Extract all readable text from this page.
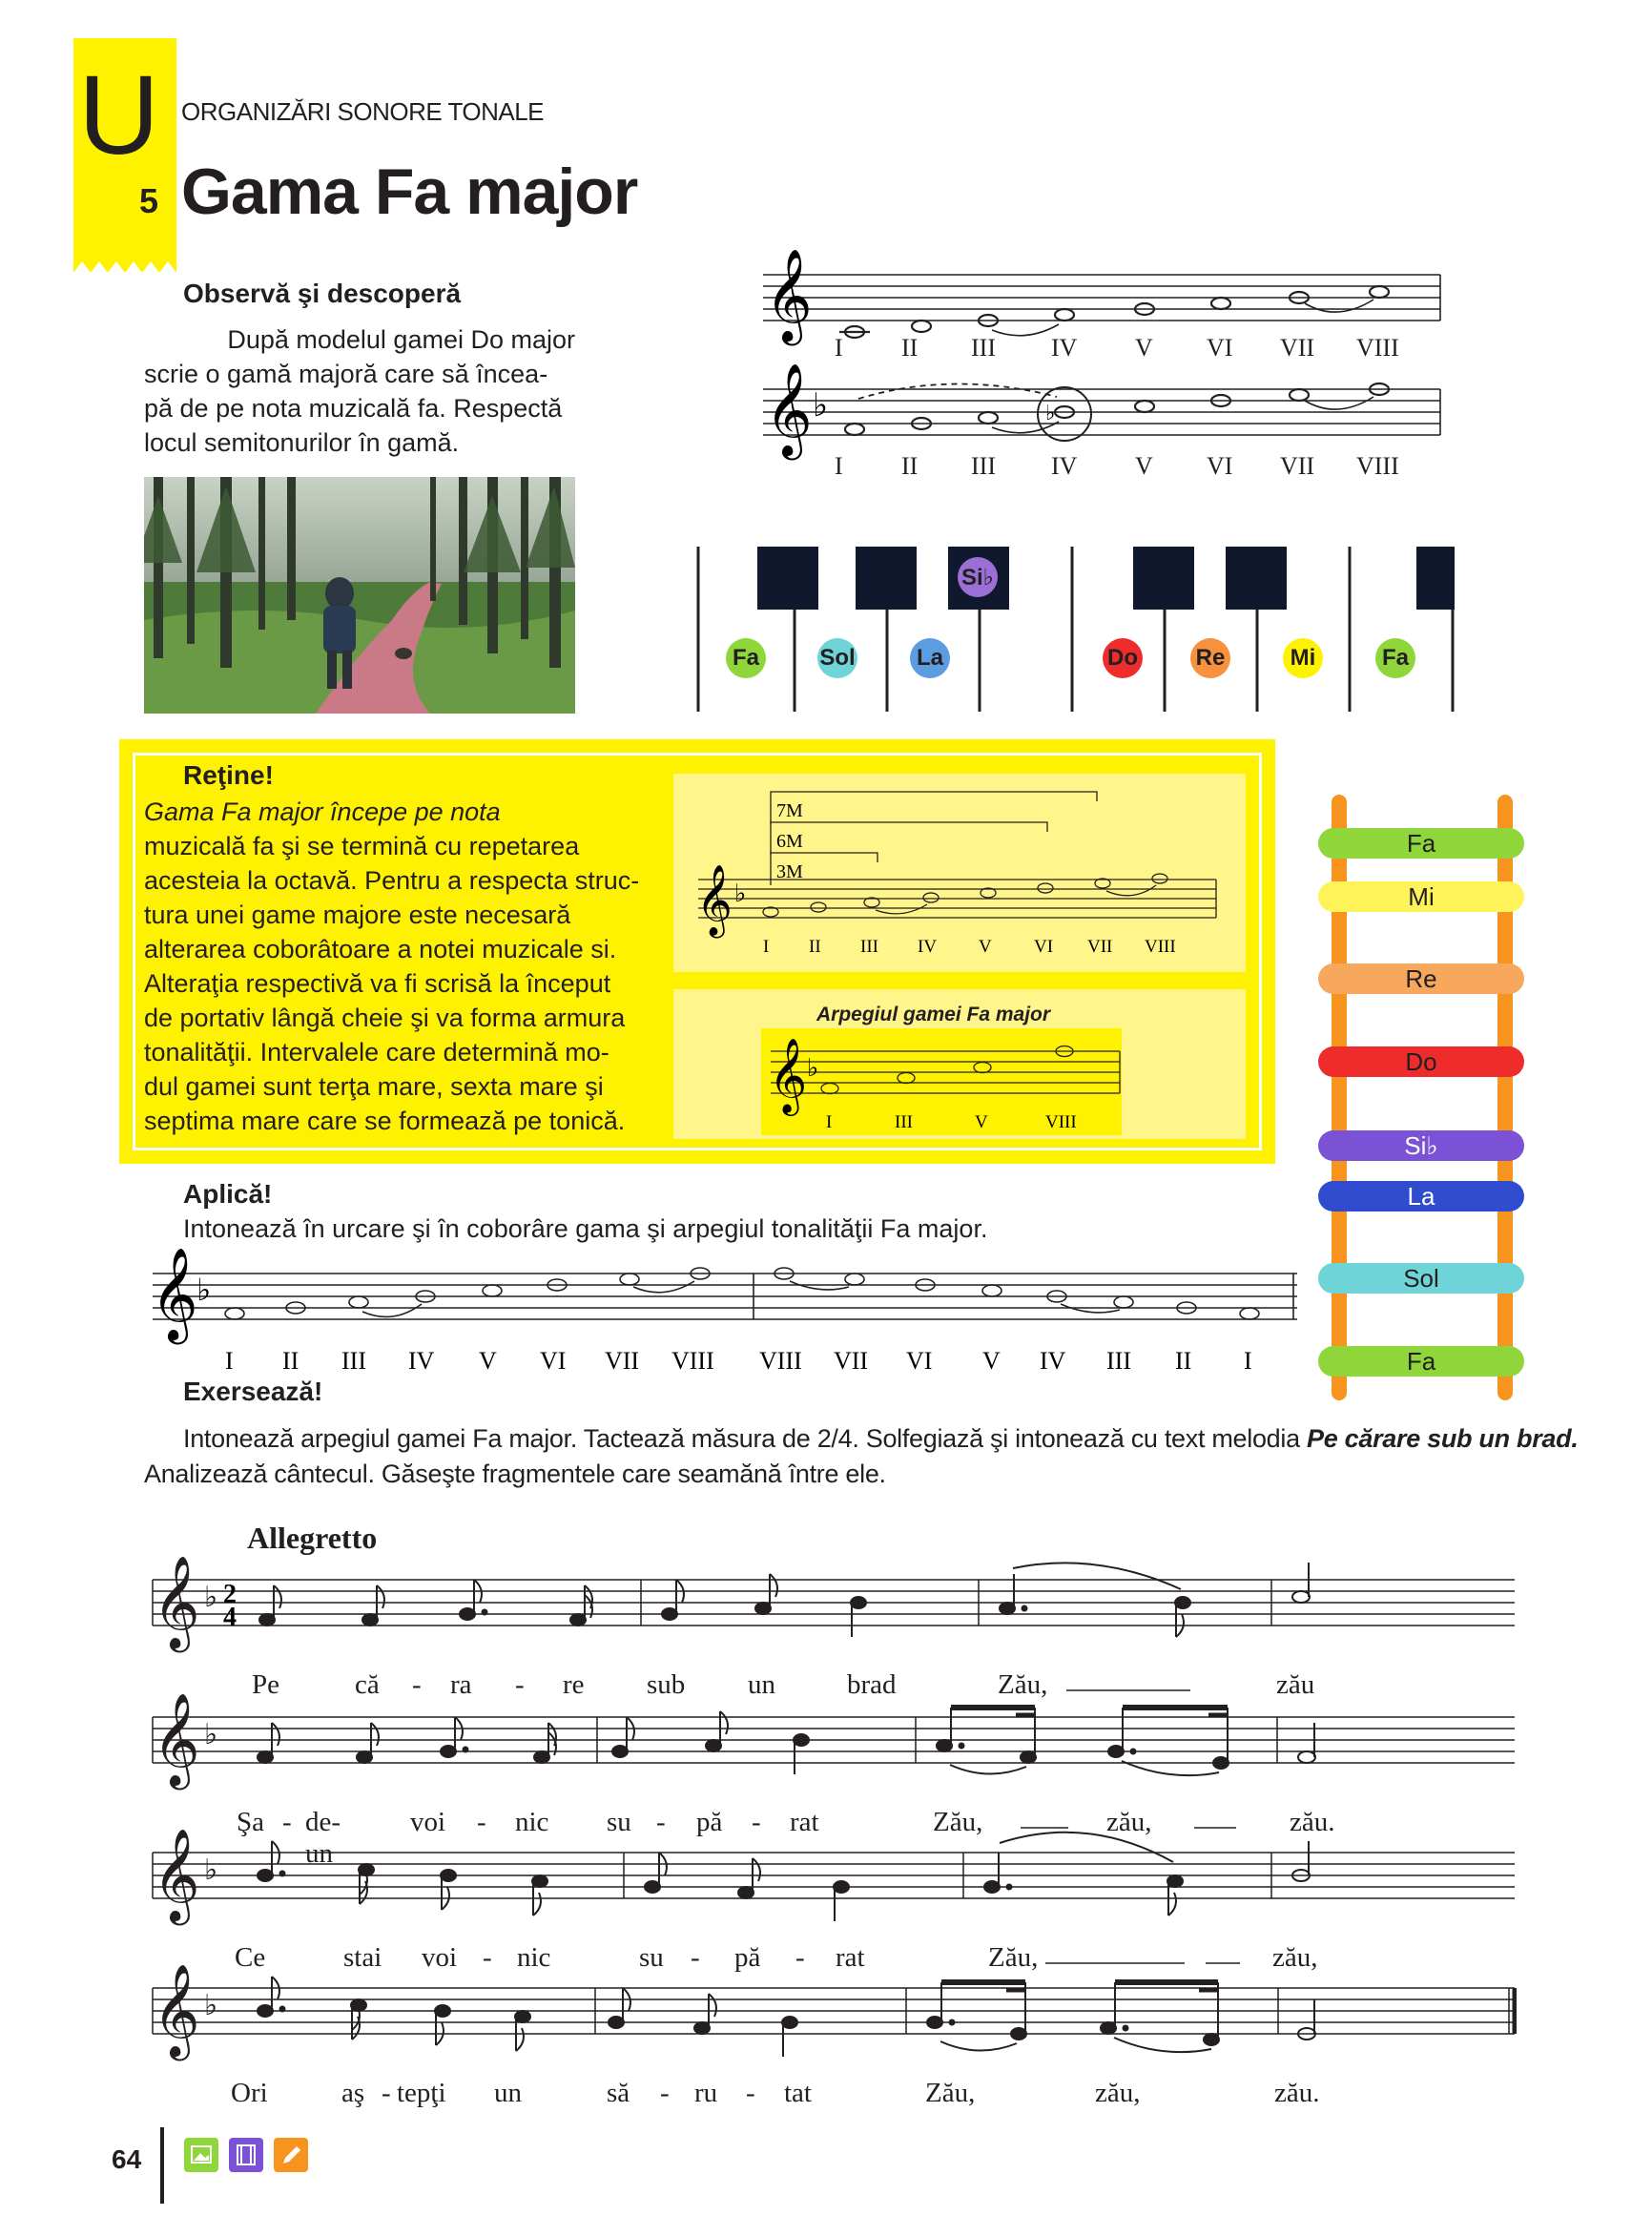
U
5
ORGANIZĂRI SONORE TONALE
Gama Fa major
Observă şi descoperă
După modelul gamei Do major
scrie o gamă majoră care să încea-
pă de pe nota muzicală fa. Respectă
locul semitonurilor în gamă.
𝄞
𝄞 ♭	♭
I II III IV V VI VII VIII
I II III IV V VI VII VIII
Si♭
Fa	Sol	La	Do	Re	Mi	Fa
Reţine!
Gama Fa major începe pe nota
muzicală fa şi se termină cu repetarea
acesteia la octavă. Pentru a respecta struc-
tura unei game majore este necesară
alterarea coborâtoare a notei muzicale si.
Alteraţia respectivă va fi scrisă la început
de portativ lângă cheie şi va forma armura
tonalităţii. Intervalele care determină mo-
dul gamei sunt terţa mare, sexta mare şi
septima mare care se formează pe tonică.
7M
6M
3M
𝄞 ♭
I II III IV V VI VII VIII
Arpegiul gamei Fa major
𝄞 ♭
I	III	V	VIII
Fa
Mi
Re
Do
Si♭
La
Sol
Fa
Aplică!
Intonează în urcare şi în coborâre gama şi arpegiul tonalităţii Fa major.
𝄞
♭
I II III IV V VI VII VIII VIII VII VI V IV III II I
Exersează!
Intonează arpegiul gamei Fa major. Tactează măsura de 2/4. Solfegiază şi intonează cu text melodia Pe cărare sub un brad.
Analizează cântecul. Găseşte fragmentele care seamănă între ele.
Allegretto
𝄞
𝄞
𝄞
𝄞
♭
♭
♭
♭
2
4
Pe	că - ra - re sub un	brad	Zău,	zău
Şa - de-un
voi - nic su - pă - rat	Zău,	zău,	zău.
Ce	stai voi - nic	su - pă - rat	Zău,	zău,
Ori	aş - tepţi un	să - ru - tat	Zău,	zău,	zău.
64
